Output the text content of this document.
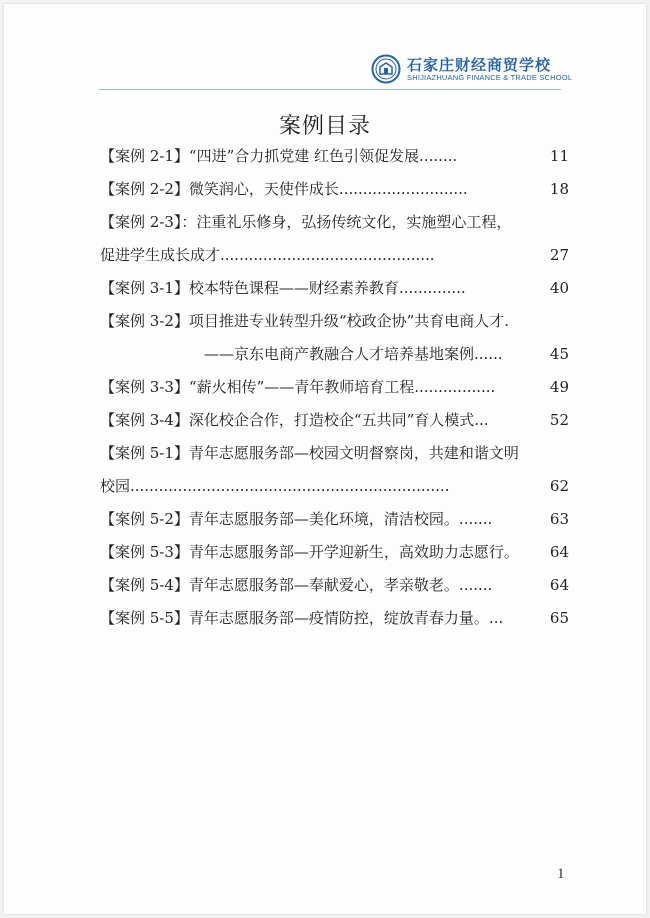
石家庄财经商贸学校
SHIJIAZHUANG FINANCE & TRADE SCHOOL
案例目录
【案例 2-1】“四进”合力抓党建 红色引领促发展........	11
【案例 2-2】微笑润心，天使伴成长...........................	18
【案例 2-3】：注重礼乐修身，弘扬传统文化，实施塑心工程，
促进学生成长成才.............................................	27
【案例 3-1】校本特色课程——财经素养教育..............	40
【案例 3-2】项目推进专业转型升级“校政企协”共育电商人才.
——京东电商产教融合人才培养基地案例......	45
【案例 3-3】“薪火相传”——青年教师培育工程.................	49
【案例 3-4】深化校企合作，打造校企“五共同”育人模式...	52
【案例 5-1】青年志愿服务部—校园文明督察岗，共建和谐文明
校园...................................................................	62
【案例 5-2】青年志愿服务部—美化环境，清洁校园。.......	63
【案例 5-3】青年志愿服务部—开学迎新生，高效助力志愿行。 64
【案例 5-4】青年志愿服务部—奉献爱心，孝亲敬老。.......	64
【案例 5-5】青年志愿服务部—疫情防控，绽放青春力量。...	65
1
